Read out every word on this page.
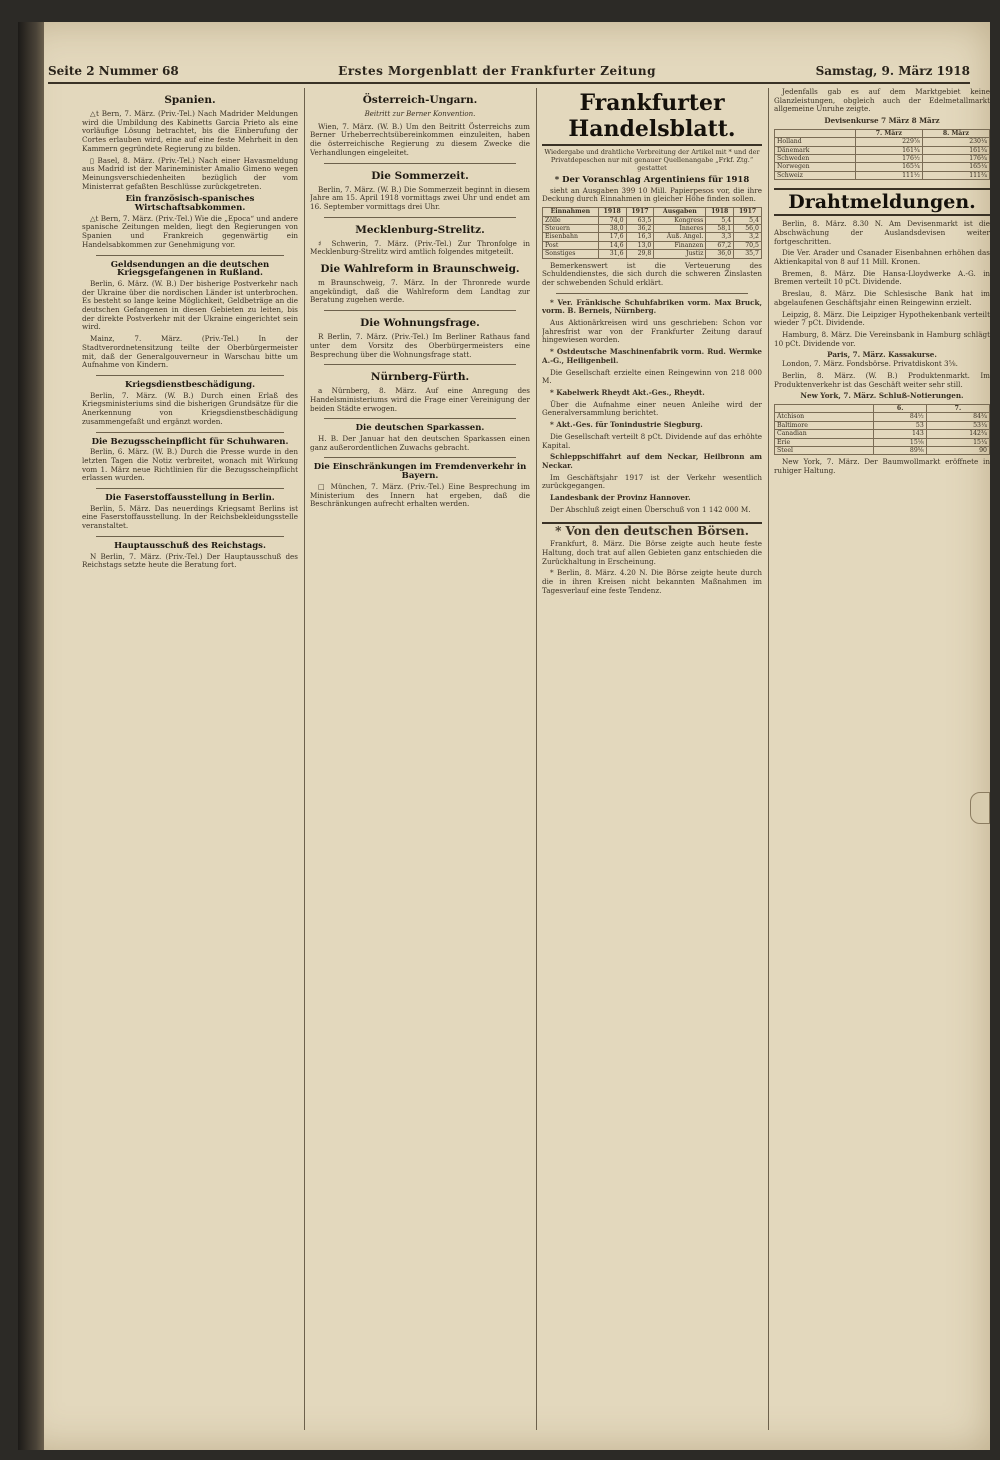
Seite 2 Nummer 68	Erstes Morgenblatt der Frankfurter Zeitung	Samstag, 9. März 1918
Spanien.

△t Bern, 7. März. (Priv.-Tel.) Nach Madrider Meldungen wird die Umbildung des Kabinetts Garcia Prieto als eine vorläufige Lösung betrachtet, bis die Einberufung der Cortes erlauben wird, eine auf eine feste Mehrheit in den Kammern gegründete Regierung zu bilden.

▯ Basel, 8. März. (Priv.-Tel.) Nach einer Havasmeldung aus Madrid ist der Marineminister Amalio Gimeno wegen Meinungsverschiedenheiten bezüglich der vom Ministerrat gefaßten Beschlüsse zurückgetreten.

Ein französisch-spanisches Wirtschaftsabkommen.

△t Bern, 7. März. (Priv.-Tel.) Wie die „Epoca“ und andere spanische Zeitungen melden, liegt den Regierungen von Spanien und Frankreich gegenwärtig ein Handelsabkommen zur Genehmigung vor.

Geldsendungen an die deutschen Kriegsgefangenen in Rußland.

Berlin, 6. März. (W. B.) Der bisherige Postverkehr nach der Ukraine über die nordischen Länder ist unterbrochen. Es besteht so lange keine Möglichkeit, Geldbeträge an die deutschen Gefangenen in diesen Gebieten zu leiten, bis der direkte Postverkehr mit der Ukraine eingerichtet sein wird.

Mainz, 7. März. (Priv.-Tel.) In der Stadtverordnetensitzung teilte der Oberbürgermeister mit, daß der Generalgouverneur in Warschau bitte um Aufnahme von Kindern.

Kriegsdienstbeschädigung.

Berlin, 7. März. (W. B.) Durch einen Erlaß des Kriegsministeriums sind die bisherigen Grundsätze für die Anerkennung von Kriegsdienstbeschädigung zusammengefaßt und ergänzt worden.

Die Bezugsscheinpflicht für Schuhwaren.

Berlin, 6. März. (W. B.) Durch die Presse wurde in den letzten Tagen die Notiz verbreitet, wonach mit Wirkung vom 1. März neue Richtlinien für die Bezugsscheinpflicht erlassen wurden.

Die Faserstoffausstellung in Berlin.

Berlin, 5. März. Das neuerdings Kriegsamt Berlins ist eine Faserstoffausstellung. In der Reichsbekleidungsstelle veranstaltet.

Hauptausschuß des Reichstags.

N Berlin, 7. März. (Priv.-Tel.) Der Hauptausschuß des Reichstags setzte heute die Beratung fort.

Österreich-Ungarn.
Beitritt zur Berner Konvention.

Wien, 7. März. (W. B.) Um den Beitritt Österreichs zum Berner Urheberrechtsübereinkommen einzuleiten, haben die österreichische Regierung zu diesem Zwecke die Verhandlungen eingeleitet.

Die Sommerzeit.

Berlin, 7. März. (W. B.) Die Sommerzeit beginnt in diesem Jahre am 15. April 1918 vormittags zwei Uhr und endet am 16. September vormittags drei Uhr.

Mecklenburg-Strelitz.

♯ Schwerin, 7. März. (Priv.-Tel.) Zur Thronfolge in Mecklenburg-Strelitz wird amtlich folgendes mitgeteilt.

Die Wahlreform in Braunschweig.

m Braunschweig, 7. März. In der Thronrede wurde angekündigt, daß die Wahlreform dem Landtag zur Beratung zugehen werde.

Die Wohnungsfrage.

R Berlin, 7. März. (Priv.-Tel.) Im Berliner Rathaus fand unter dem Vorsitz des Oberbürgermeisters eine Besprechung über die Wohnungsfrage statt.

Nürnberg-Fürth.

a Nürnberg, 8. März. Auf eine Anregung des Handelsministeriums wird die Frage einer Vereinigung der beiden Städte erwogen.

Die deutschen Sparkassen.

H. B. Der Januar hat den deutschen Sparkassen einen ganz außerordentlichen Zuwachs gebracht.

Die Einschränkungen im Fremdenverkehr in Bayern.

□ München, 7. März. (Priv.-Tel.) Eine Besprechung im Ministerium des Innern hat ergeben, daß die Beschränkungen aufrecht erhalten werden.

Frankfurter Handelsblatt.
Wiedergabe und drahtliche Verbreitung der Artikel mit * und der Privatdepeschen nur mit genauer Quellenangabe „Frkf. Ztg.“ gestattet
* Der Voranschlag Argentiniens für 1918

sieht an Ausgaben 399 10 Mill. Papierpesos vor, die ihre Deckung durch Einnahmen in gleicher Höhe finden sollen.

Einnahmen	1918	1917	Ausgaben	1918	1917
Zölle	74,0	63,5	Kongress	5,4	5,4
Steuern	38,0	36,2	Inneres	58,1	56,0
Eisenbahn	17,6	16,3	Äuß. Angel.	3,3	3,2
Post	14,6	13,0	Finanzen	67,2	70,5
Sonstiges	31,6	29,8	Justiz	36,0	35,7

Bemerkenswert ist die Verteuerung des Schuldendienstes, die sich durch die schweren Zinslasten der schwebenden Schuld erklärt.

* Ver. Fränkische Schuhfabriken vorm. Max Bruck, vorm. B. Berneis, Nürnberg.

Aus Aktionärkreisen wird uns geschrieben: Schon vor Jahresfrist war von der Frankfurter Zeitung darauf hingewiesen worden.

* Ostdeutsche Maschinenfabrik vorm. Rud. Wermke A.-G., Heiligenbeil.

Die Gesellschaft erzielte einen Reingewinn von 218 000 M.

* Kabelwerk Rheydt Akt.-Ges., Rheydt.

Über die Aufnahme einer neuen Anleihe wird der Generalversammlung berichtet.

* Akt.-Ges. für Tonindustrie Siegburg.

Die Gesellschaft verteilt 8 pCt. Dividende auf das erhöhte Kapital.

Schleppschiffahrt auf dem Neckar, Heilbronn am Neckar.

Im Geschäftsjahr 1917 ist der Verkehr wesentlich zurückgegangen.

Landesbank der Provinz Hannover.

Der Abschluß zeigt einen Überschuß von 1 142 000 M.

* Von den deutschen Börsen.

Frankfurt, 8. März. Die Börse zeigte auch heute feste Haltung, doch trat auf allen Gebieten ganz entschieden die Zurückhaltung in Erscheinung.

* Berlin, 8. März. 4.20 N. Die Börse zeigte heute durch die in ihren Kreisen nicht bekannten Maßnahmen im Tagesverlauf eine feste Tendenz.

Jedenfalls gab es auf dem Marktgebiet keine Glanzleistungen, obgleich auch der Edelmetallmarkt allgemeine Unruhe zeigte.

Devisenkurse 7 März 8 März
	7. März	8. März
Holland	229⅞	230¼
Dänemark	161¾	161¾
Schweden	176½	176¾
Norwegen	165¼	165¼
Schweiz	111½	111¾
Drahtmeldungen.

Berlin, 8. März. 8.30 N. Am Devisenmarkt ist die Abschwächung der Auslandsdevisen weiter fortgeschritten.

Die Ver. Arader und Csanader Eisenbahnen erhöhen das Aktienkapital von 8 auf 11 Mill. Kronen.

Bremen, 8. März. Die Hansa-Lloydwerke A.-G. in Bremen verteilt 10 pCt. Dividende.

Breslau, 8. März. Die Schlesische Bank hat im abgelaufenen Geschäftsjahr einen Reingewinn erzielt.

Leipzig, 8. März. Die Leipziger Hypothekenbank verteilt wieder 7 pCt. Dividende.

Hamburg, 8. März. Die Vereinsbank in Hamburg schlägt 10 pCt. Dividende vor.

Paris, 7. März. Kassakurse.

London, 7. März. Fondsbörse. Privatdiskont 3⅝.

Berlin, 8. März. (W. B.) Produktenmarkt. Im Produktenverkehr ist das Geschäft weiter sehr still.

New York, 7. März. Schluß-Notierungen.
	6.	7.
Atchison	84½	84¾
Baltimore	53	53¼
Canadian	143	142¾
Erie	15⅛	15¼
Steel	89⅝	90

New York, 7. März. Der Baumwollmarkt eröffnete in ruhiger Haltung.
